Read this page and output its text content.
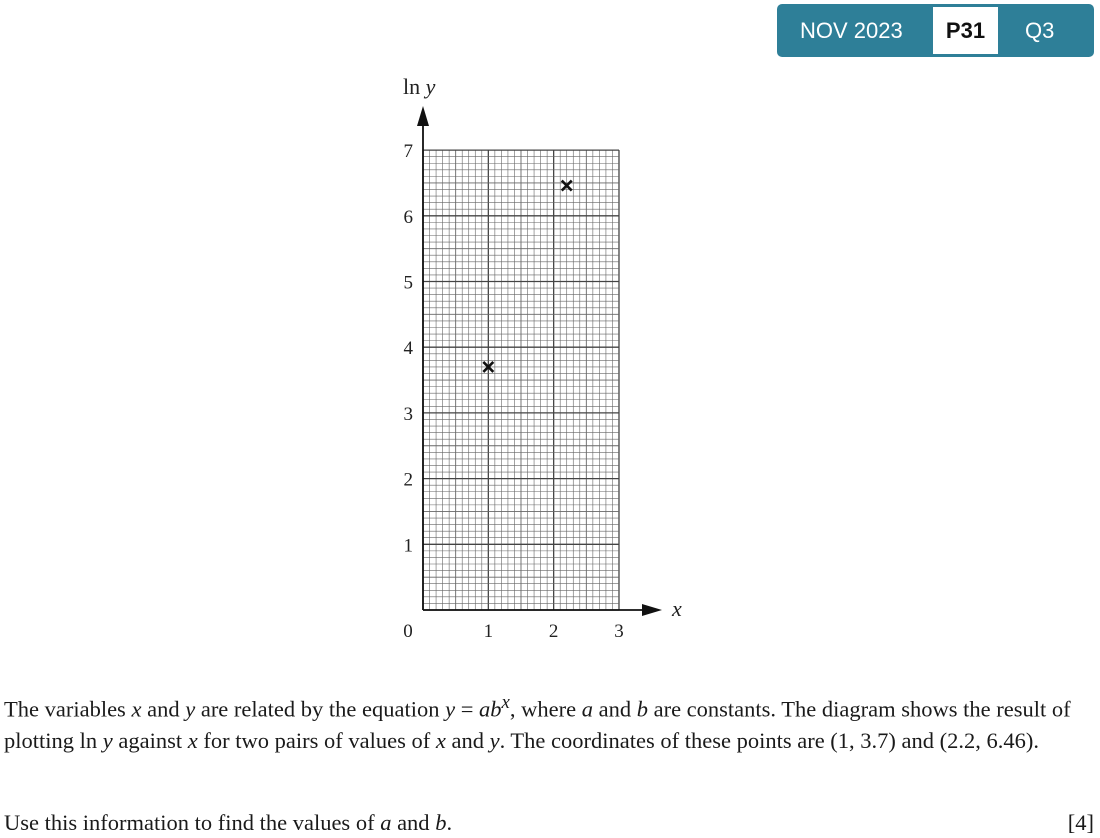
NOV 2023	P31	Q3
1
2
3
4
5
6
7
0	1	2	3
ln y
x
The variables x and y are related by the equation $y = ab^x$, where a and b are constants. The diagram shows the result of plotting ln y against x for two pairs of values of x and y. The coordinates of these points are (1, 3.7) and (2.2, 6.46).
Use this information to find the values of a and b.	[4]
